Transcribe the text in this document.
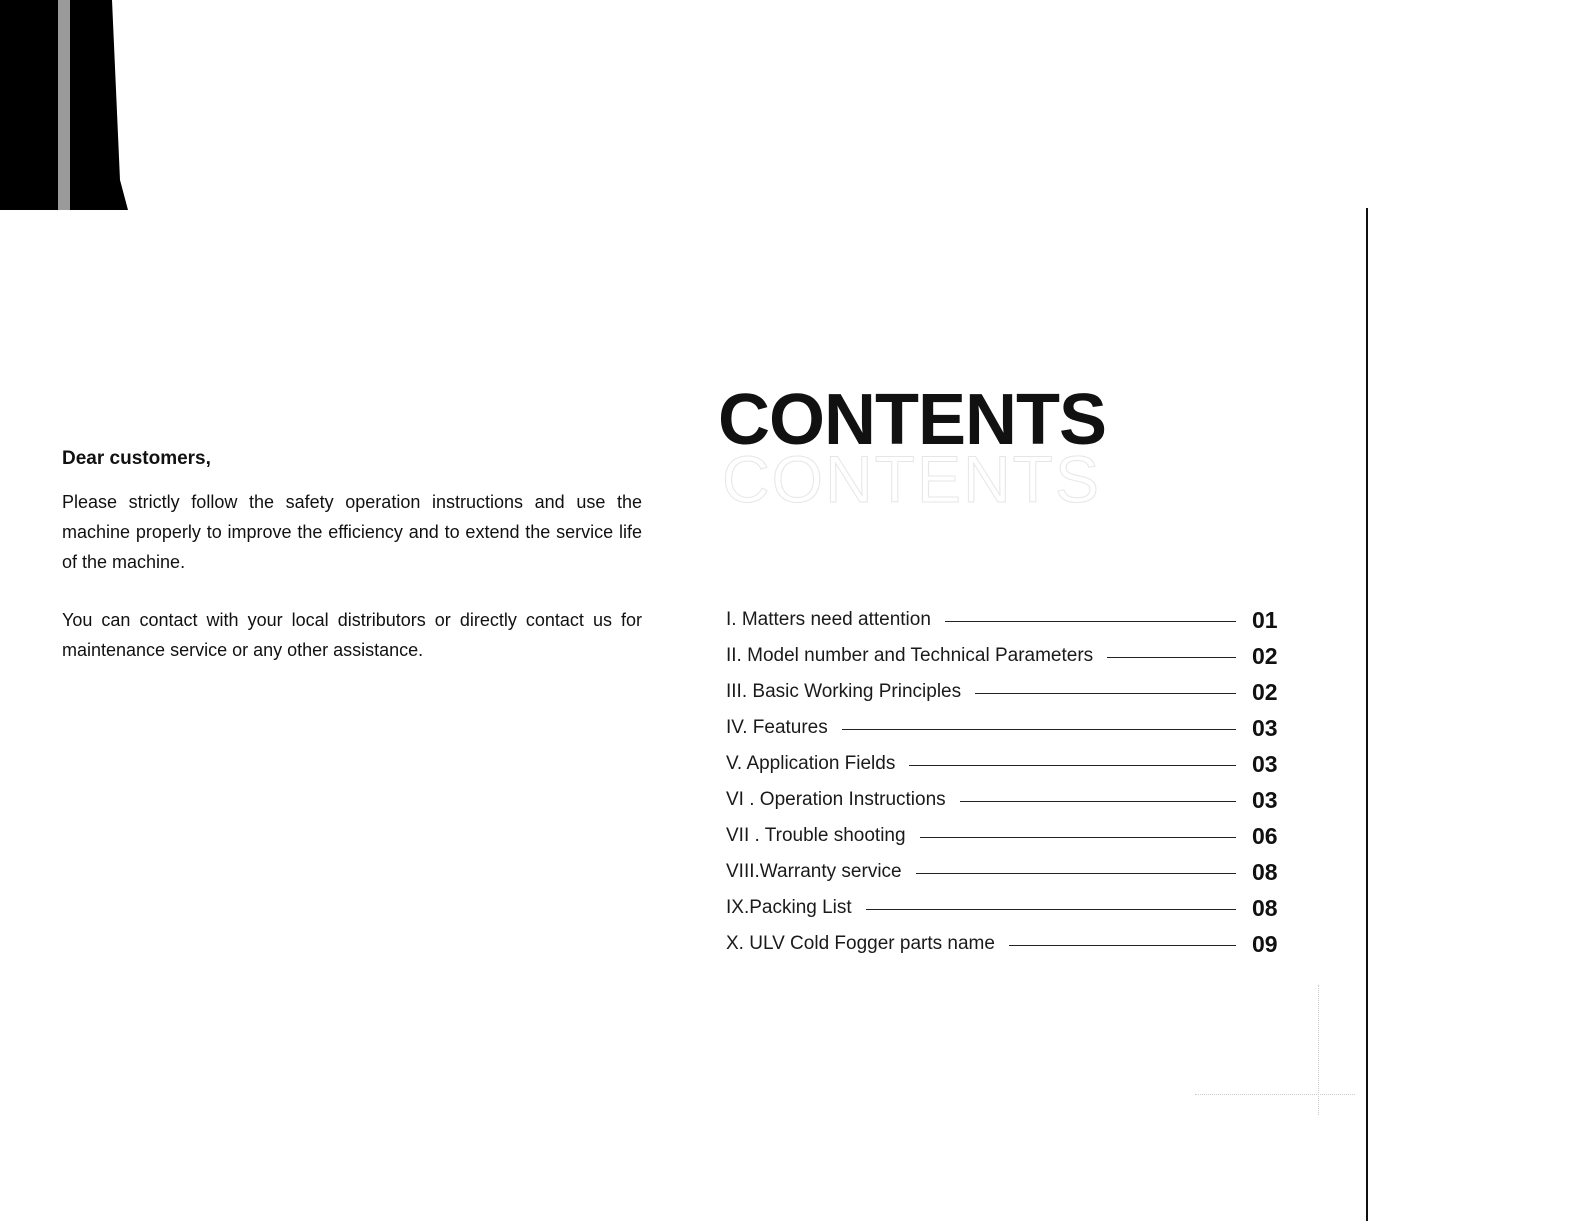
Dear customers,

Please strictly follow the safety operation instructions and use the machine properly to improve the efficiency and to extend the service life of the machine.

You can contact with your local distributors or directly contact us for maintenance service or any other assistance.

CONTENTS
CONTENTS
I. Matters need attention	01
II. Model number and Technical Parameters	02
III. Basic Working Principles	02
IV. Features	03
V. Application Fields	03
VI . Operation Instructions	03
VII . Trouble shooting	06
VIII.Warranty service	08
IX.Packing List	08
X. ULV Cold Fogger parts name	09
